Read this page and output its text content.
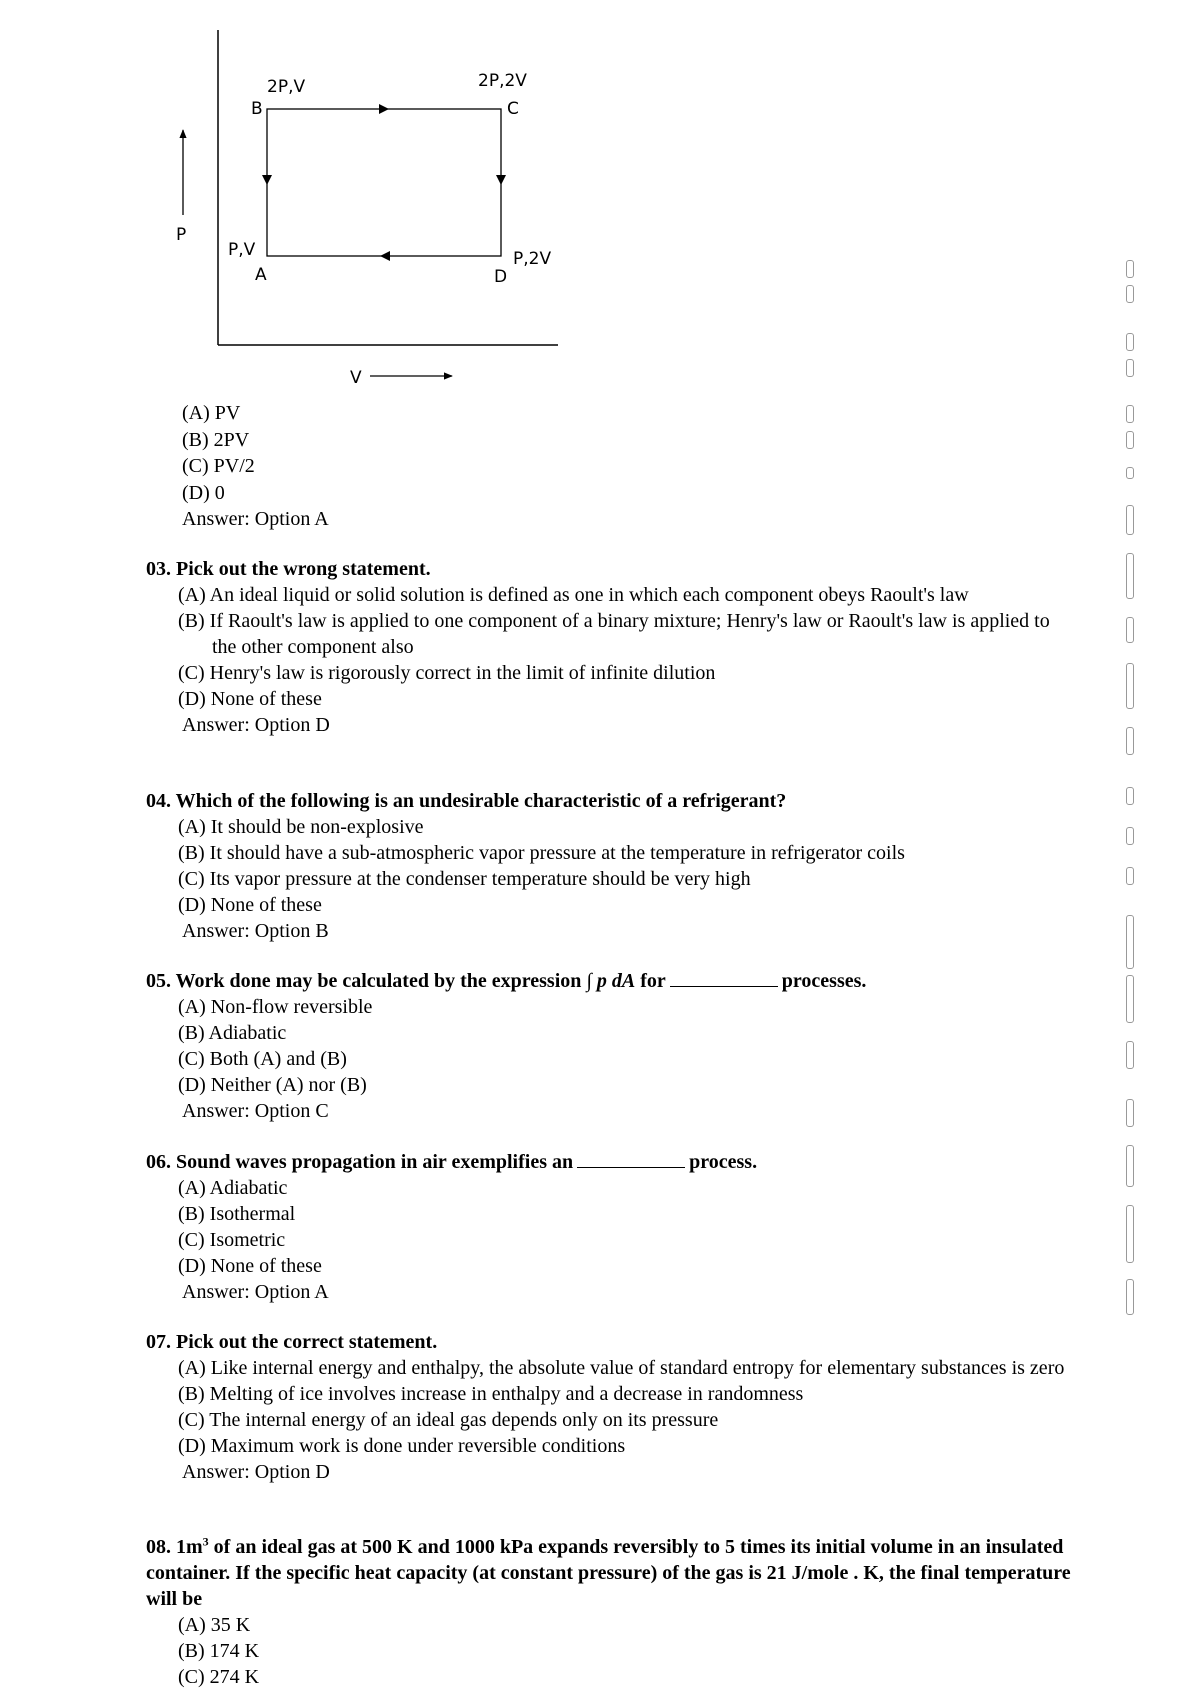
2P,V
B
2P,2V
C
P,V
A
P,2V
D
P
V
(A) PV
(B) 2PV
(C) PV/2
(D) 0
Answer: Option A
03. Pick out the wrong statement.
(A) An ideal liquid or solid solution is defined as one in which each component obeys Raoult's law
(B) If Raoult's law is applied to one component of a binary mixture; Henry's law or Raoult's law is applied to the other component also
(C) Henry's law is rigorously correct in the limit of infinite dilution
(D) None of these
Answer: Option D
04. Which of the following is an undesirable characteristic of a refrigerant?
(A) It should be non-explosive
(B) It should have a sub-atmospheric vapor pressure at the temperature in refrigerator coils
(C) Its vapor pressure at the condenser temperature should be very high
(D) None of these
Answer: Option B
05. Work done may be calculated by the expression ∫ p dA for	processes.
(A) Non-flow reversible
(B) Adiabatic
(C) Both (A) and (B)
(D) Neither (A) nor (B)
Answer: Option C
06. Sound waves propagation in air exemplifies an	process.
(A) Adiabatic
(B) Isothermal
(C) Isometric
(D) None of these
Answer: Option A
07. Pick out the correct statement.
(A) Like internal energy and enthalpy, the absolute value of standard entropy for elementary substances is zero
(B) Melting of ice involves increase in enthalpy and a decrease in randomness
(C) The internal energy of an ideal gas depends only on its pressure
(D) Maximum work is done under reversible conditions
Answer: Option D
08. $1m^3$ of an ideal gas at 500 K and 1000 kPa expands reversibly to 5 times its initial volume in an insulated container. If the specific heat capacity (at constant pressure) of the gas is 21 J/mole . K, the final temperature will be
(A) 35 K
(B) 174 K
(C) 274 K
